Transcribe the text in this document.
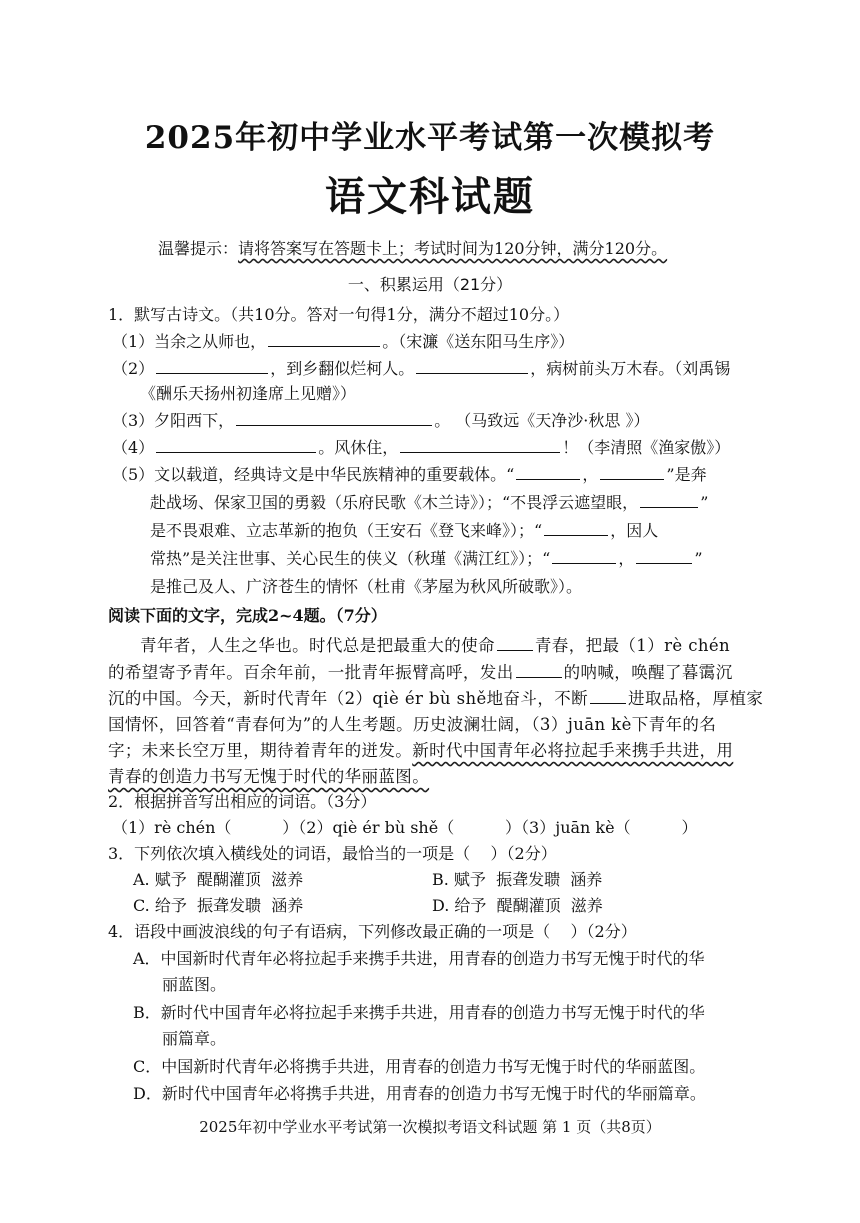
2025年初中学业水平考试第一次模拟考
语文科试题
温馨提示：请将答案写在答题卡上；考试时间为120分钟，满分120分。
一、积累运用（21分）
1．默写古诗文。（共10分。答对一句得1分，满分不超过10分。）
（1）当余之从师也，	。（宋濂《送东阳马生序》）
（2）	，到乡翻似烂柯人。	，病树前头万木春。（刘禹锡
《酬乐天扬州初逢席上见赠》）
（3）夕阳西下，	。 （马致远《天净沙·秋思 》）
（4）	。风休住，	！（李清照《渔家傲》）
（5）文以载道，经典诗文是中华民族精神的重要载体。“	，	”是奔
赴战场、保家卫国的勇毅（乐府民歌《木兰诗》）；“不畏浮云遮望眼，	”
是不畏艰难、立志革新的抱负（王安石《登飞来峰》）；“	，因人
常热”是关注世事、关心民生的侠义（秋瑾《满江红》）；“	，	”
是推己及人、广济苍生的情怀（杜甫《茅屋为秋风所破歌》）。
阅读下面的文字，完成2~4题。（7分）
青年者，人生之华也。时代总是把最重大的使命 青春，把最（1）rè chén
的希望寄予青年。百余年前，一批青年振臂高呼，发出	的呐喊，唤醒了暮霭沉
沉的中国。今天，新时代青年（2）qiè ér bù shě地奋斗，不断 进取品格，厚植家
国情怀，回答着“青春何为”的人生考题。历史波澜壮阔，（3）juān kè下青年的名
字；未来长空万里，期待着青年的迸发。新时代中国青年必将拉起手来携手共进，用
青春的创造力书写无愧于时代的华丽蓝图。
2．根据拼音写出相应的词语。（3分）
（1）rè chén（          ）（2）qiè ér bù shě（          ）（3）juān kè（          ）
3．下列依次填入横线处的词语，最恰当的一项是（    ）（2分）
A. 赋予  醍醐灌顶  滋养	B. 赋予  振聋发聩  涵养
C. 给予  振聋发聩  涵养	D. 给予  醍醐灌顶  滋养
4．语段中画波浪线的句子有语病，下列修改最正确的一项是（    ）（2分）
A．中国新时代青年必将拉起手来携手共进，用青春的创造力书写无愧于时代的华
丽蓝图。
B．新时代中国青年必将拉起手来携手共进，用青春的创造力书写无愧于时代的华
丽篇章。
C．中国新时代青年必将携手共进，用青春的创造力书写无愧于时代的华丽蓝图。
D．新时代中国青年必将携手共进，用青春的创造力书写无愧于时代的华丽篇章。
2025年初中学业水平考试第一次模拟考语文科试题 第 1 页（共8页）
